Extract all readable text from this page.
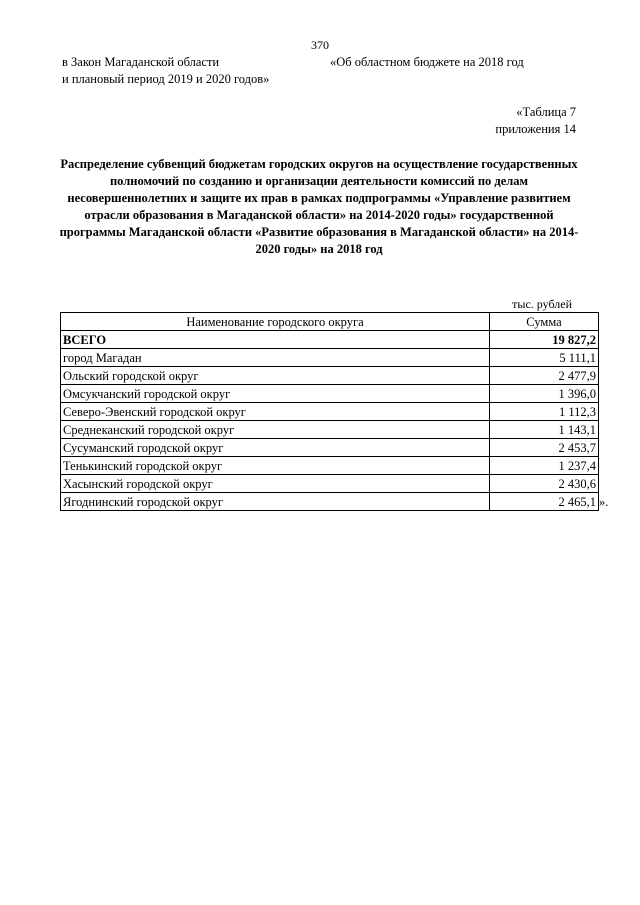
370
в Закон Магаданской области	«Об областном бюджете на 2018 год
и плановый период 2019 и 2020 годов»
«Таблица 7
приложения 14
Распределение субвенций бюджетам городских округов на осуществление государственных полномочий по созданию и организации деятельности комиссий по делам несовершеннолетних и защите их прав в рамках подпрограммы «Управление развитием отрасли образования в Магаданской области» на 2014-2020 годы» государственной программы Магаданской области «Развитие образования в Магаданской области» на 2014-2020 годы» на 2018 год
тыс. рублей
Наименование городского округа	Сумма
ВСЕГО	19 827,2
город Магадан	5 111,1
Ольский городской округ	2 477,9
Омсукчанский городской округ	1 396,0
Северо-Эвенский городской округ	1 112,3
Среднеканский городской округ	1 143,1
Сусуманский городской округ	2 453,7
Тенькинский городской округ	1 237,4
Хасынский городской округ	2 430,6
Ягоднинский городской округ	2 465,1 ».
